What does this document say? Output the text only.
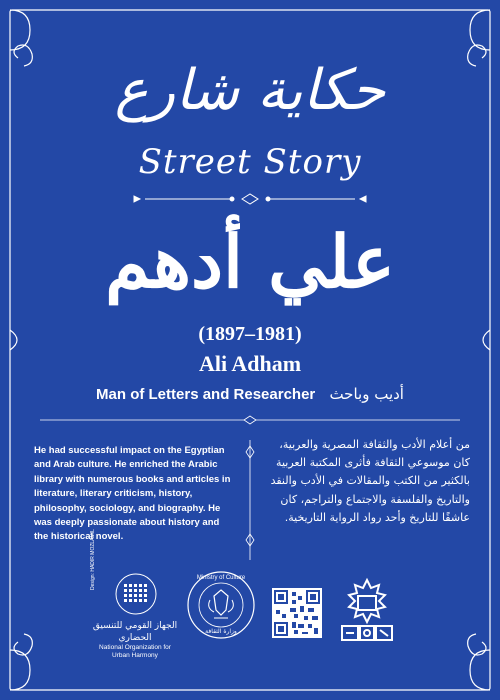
حكاية شارع
Street Story
علي أدهم
(1897–1981)
Ali Adham
Man of Letters and Researcher أديب وباحث
He had successful impact on the Egyptian and Arab culture. He enriched the Arabic library with numerous books and articles in literature, literary criticism, history, philosophy, sociology, and biography. He was deeply passionate about history and the historical novel.
من أعلام الأدب والثقافة المصرية والعربية، كان موسوعي الثقافة فأثرى المكتبة العربية بالكثير من الكتب والمقالات في الأدب والنقد والتاريخ والفلسفة والاجتماع والتراجم، كان عاشقًا للتاريخ وأحد رواد الرواية التاريخية.
Design: HADIR MOZLAMIL
الجهاز القومي للتنسيق الحضاري
National Organization for Urban Harmony
Ministry of Culture
وزارة الثقافة
